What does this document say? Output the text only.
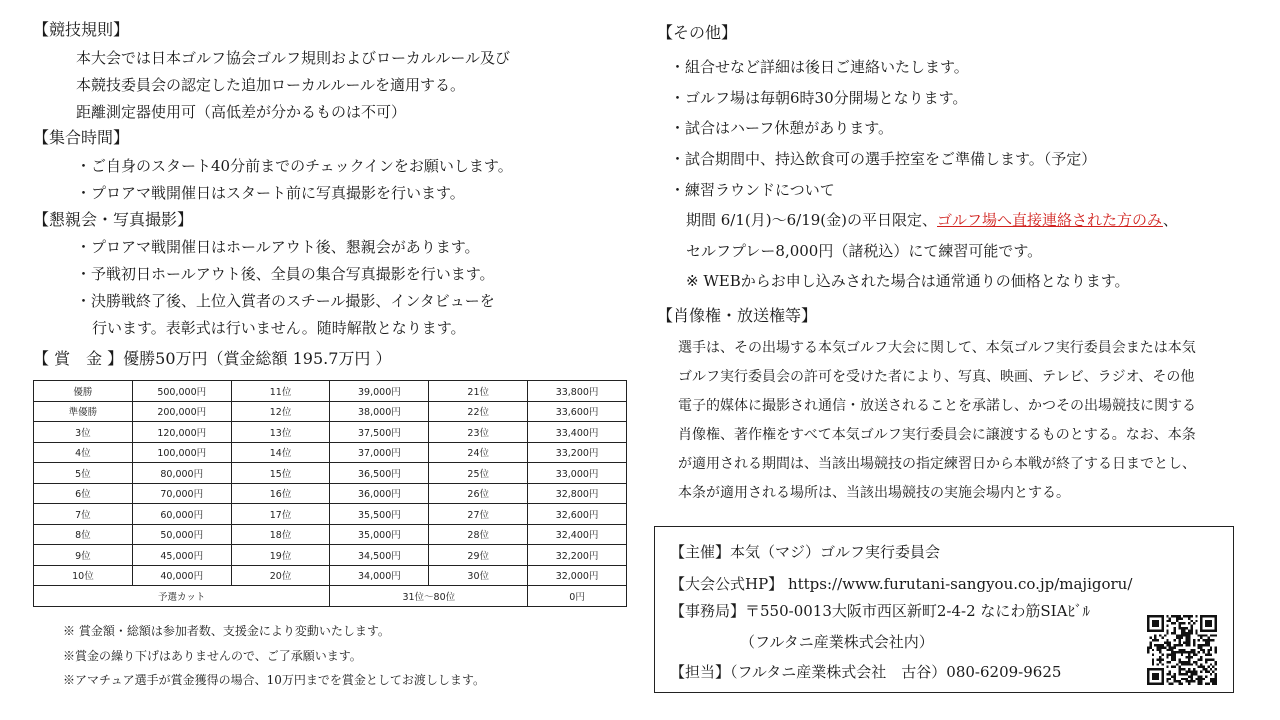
【競技規則】
本大会では日本ゴルフ協会ゴルフ規則およびローカルルール及び
本競技委員会の認定した追加ローカルルールを適用する。
距離測定器使用可（高低差が分かるものは不可）
【集合時間】
・ご自身のスタート40分前までのチェックインをお願いします。
・プロアマ戦開催日はスタート前に写真撮影を行います。
【懇親会・写真撮影】
・プロアマ戦開催日はホールアウト後、懇親会があります。
・予戦初日ホールアウト後、全員の集合写真撮影を行います。
・決勝戦終了後、上位入賞者のスチール撮影、インタビューを
行います。表彰式は行いません。随時解散となります。
【 賞　金 】優勝50万円（賞金総額 195.7万円 ）
優勝	500,000円	11位	39,000円	21位	33,800円
準優勝	200,000円	12位	38,000円	22位	33,600円
3位	120,000円	13位	37,500円	23位	33,400円
4位	100,000円	14位	37,000円	24位	33,200円
5位	80,000円	15位	36,500円	25位	33,000円
6位	70,000円	16位	36,000円	26位	32,800円
7位	60,000円	17位	35,500円	27位	32,600円
8位	50,000円	18位	35,000円	28位	32,400円
9位	45,000円	19位	34,500円	29位	32,200円
10位	40,000円	20位	34,000円	30位	32,000円
予選カット			31位～80位		0円
※ 賞金額・総額は参加者数、支援金により変動いたします。
※賞金の繰り下げはありませんので、ご了承願います。
※アマチュア選手が賞金獲得の場合、10万円までを賞金としてお渡しします。
【その他】
・組合せなど詳細は後日ご連絡いたします。
・ゴルフ場は毎朝6時30分開場となります。
・試合はハーフ休憩があります。
・試合期間中、持込飲食可の選手控室をご準備します。（予定）
・練習ラウンドについて
期間 6/1(月)～6/19(金)の平日限定、ゴルフ場へ直接連絡された方のみ、
セルフプレー8,000円（諸税込）にて練習可能です。
※ WEBからお申し込みされた場合は通常通りの価格となります。
【肖像権・放送権等】
選手は、その出場する本気ゴルフ大会に関して、本気ゴルフ実行委員会または本気
ゴルフ実行委員会の許可を受けた者により、写真、映画、テレビ、ラジオ、その他
電子的媒体に撮影され通信・放送されることを承諾し、かつその出場競技に関する
肖像権、著作権をすべて本気ゴルフ実行委員会に譲渡するものとする。なお、本条
が適用される期間は、当該出場競技の指定練習日から本戦が終了する日までとし、
本条が適用される場所は、当該出場競技の実施会場内とする。
【主催】本気（マジ）ゴルフ実行委員会
【大会公式HP】 https://www.furutani-sangyou.co.jp/majigoru/
【事務局】〒550-0013大阪市西区新町2-4-2 なにわ筋SIAﾋﾞﾙ
（フルタニ産業株式会社内）
【担当】（フルタニ産業株式会社　古谷）080-6209-9625
